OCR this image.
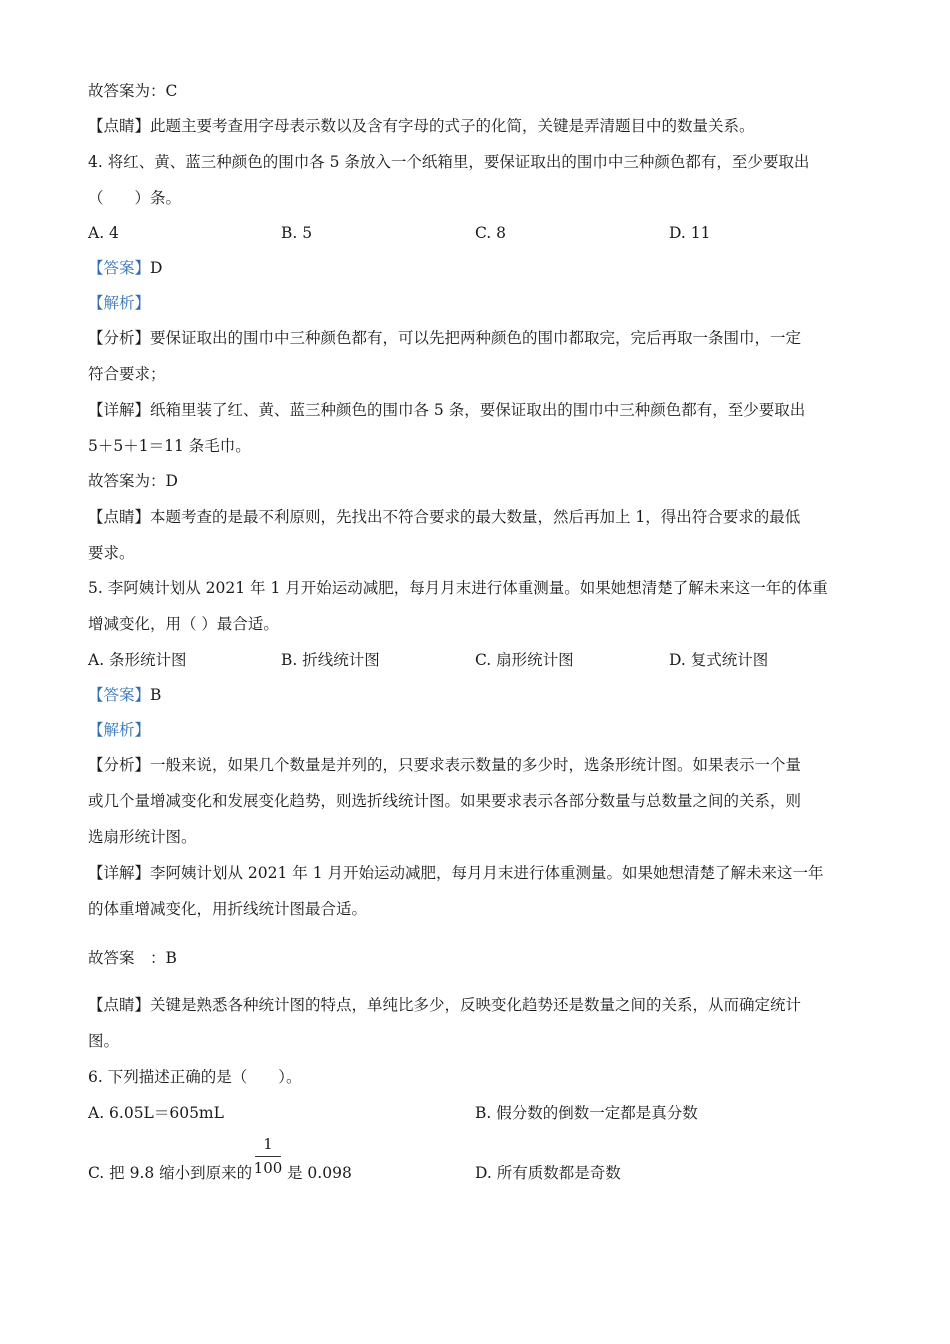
故答案为：C
【点睛】此题主要考查用字母表示数以及含有字母的式子的化简，关键是弄清题目中的数量关系。
4. 将红、黄、蓝三种颜色的围巾各 5 条放入一个纸箱里，要保证取出的围巾中三种颜色都有，至少要取出
（　　）条。
A. 4	B. 5	C. 8	D. 11
【答案】D
【解析】
【分析】要保证取出的围巾中三种颜色都有，可以先把两种颜色的围巾都取完，完后再取一条围巾，一定
符合要求；
【详解】纸箱里装了红、黄、蓝三种颜色的围巾各 5 条，要保证取出的围巾中三种颜色都有，至少要取出
5＋5＋1＝11 条毛巾。
故答案为：D
【点睛】本题考查的是最不利原则，先找出不符合要求的最大数量，然后再加上 1，得出符合要求的最低
要求。
5. 李阿姨计划从 2021 年 1 月开始运动减肥，每月月末进行体重测量。如果她想清楚了解未来这一年的体重
增减变化，用（ ）最合适。
A. 条形统计图	B. 折线统计图	C. 扇形统计图	D. 复式统计图
【答案】B
【解析】
【分析】一般来说，如果几个数量是并列的，只要求表示数量的多少时，选条形统计图。如果表示一个量
或几个量增减变化和发展变化趋势，则选折线统计图。如果要求表示各部分数量与总数量之间的关系，则
选扇形统计图。
【详解】李阿姨计划从 2021 年 1 月开始运动减肥，每月月末进行体重测量。如果她想清楚了解未来这一年
的体重增减变化，用折线统计图最合适。
故答案　：B
【点睛】关键是熟悉各种统计图的特点，单纯比多少，反映变化趋势还是数量之间的关系，从而确定统计
图。
6. 下列描述正确的是（　　）。
A. 6.05L＝605mL	B. 假分数的倒数一定都是真分数
C. 把 9.8 缩小到原来的
1
100 是 0.098	D. 所有质数都是奇数
